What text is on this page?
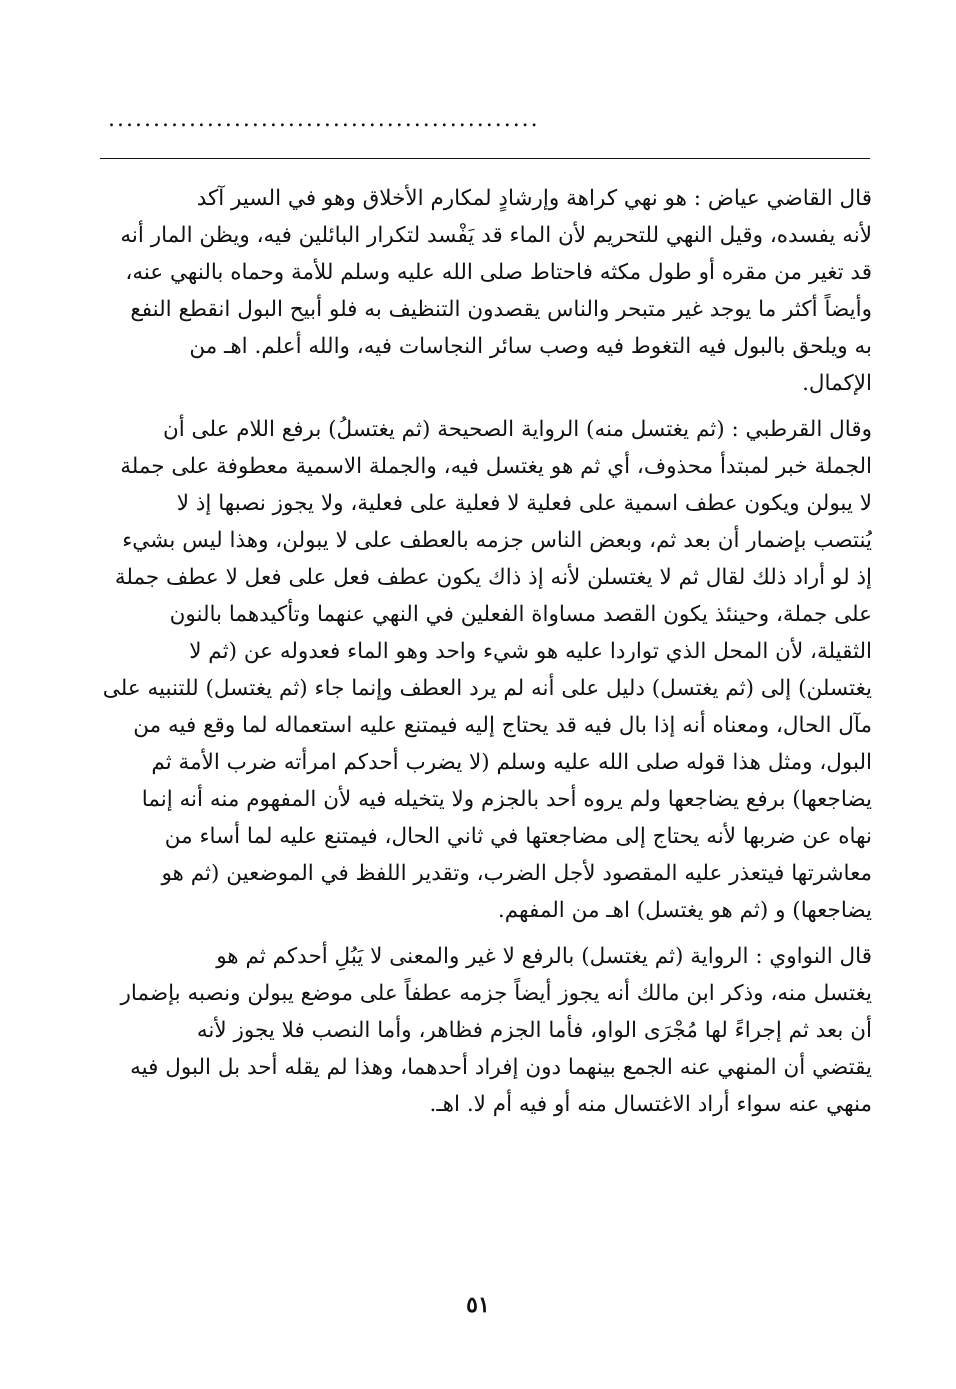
................................................
قال القاضي عياض : هو نهي كراهة وإرشادٍ لمكارم الأخلاق وهو في السير آكد
لأنه يفسده، وقيل النهي للتحريم لأن الماء قد يَفْسد لتكرار البائلين فيه، ويظن المار أنه
قد تغير من مقره أو طول مكثه فاحتاط صلى الله عليه وسلم للأمة وحماه بالنهي عنه،
وأيضاً أكثر ما يوجد غير متبحر والناس يقصدون التنظيف به فلو أبيح البول انقطع النفع
به ويلحق بالبول فيه التغوط فيه وصب سائر النجاسات فيه، والله أعلم. اهـ من
الإكمال.
وقال القرطبي : (ثم يغتسل منه) الرواية الصحيحة (ثم يغتسلُ) برفع اللام على أن
الجملة خبر لمبتدأ محذوف، أي ثم هو يغتسل فيه، والجملة الاسمية معطوفة على جملة
لا يبولن ويكون عطف اسمية على فعلية لا فعلية على فعلية، ولا يجوز نصبها إذ لا
يُنتصب بإضمار أن بعد ثم، وبعض الناس جزمه بالعطف على لا يبولن، وهذا ليس بشيء
إذ لو أراد ذلك لقال ثم لا يغتسلن لأنه إذ ذاك يكون عطف فعل على فعل لا عطف جملة
على جملة، وحينئذ يكون القصد مساواة الفعلين في النهي عنهما وتأكيدهما بالنون
الثقيلة، لأن المحل الذي تواردا عليه هو شيء واحد وهو الماء فعدوله عن (ثم لا
يغتسلن) إلى (ثم يغتسل) دليل على أنه لم يرد العطف وإنما جاء (ثم يغتسل) للتنبيه على
مآل الحال، ومعناه أنه إذا بال فيه قد يحتاج إليه فيمتنع عليه استعماله لما وقع فيه من
البول، ومثل هذا قوله صلى الله عليه وسلم (لا يضرب أحدكم امرأته ضرب الأمة ثم
يضاجعها) برفع يضاجعها ولم يروه أحد بالجزم ولا يتخيله فيه لأن المفهوم منه أنه إنما
نهاه عن ضربها لأنه يحتاج إلى مضاجعتها في ثاني الحال، فيمتنع عليه لما أساء من
معاشرتها فيتعذر عليه المقصود لأجل الضرب، وتقدير اللفظ في الموضعين (ثم هو
يضاجعها) و (ثم هو يغتسل) اهـ من المفهم.
قال النواوي : الرواية (ثم يغتسل) بالرفع لا غير والمعنى لا يَبُلِ أحدكم ثم هو
يغتسل منه، وذكر ابن مالك أنه يجوز أيضاً جزمه عطفاً على موضع يبولن ونصبه بإضمار
أن بعد ثم إجراءً لها مُجْرَى الواو، فأما الجزم فظاهر، وأما النصب فلا يجوز لأنه
يقتضي أن المنهي عنه الجمع بينهما دون إفراد أحدهما، وهذا لم يقله أحد بل البول فيه
منهي عنه سواء أراد الاغتسال منه أو فيه أم لا. اهـ.
٥١
